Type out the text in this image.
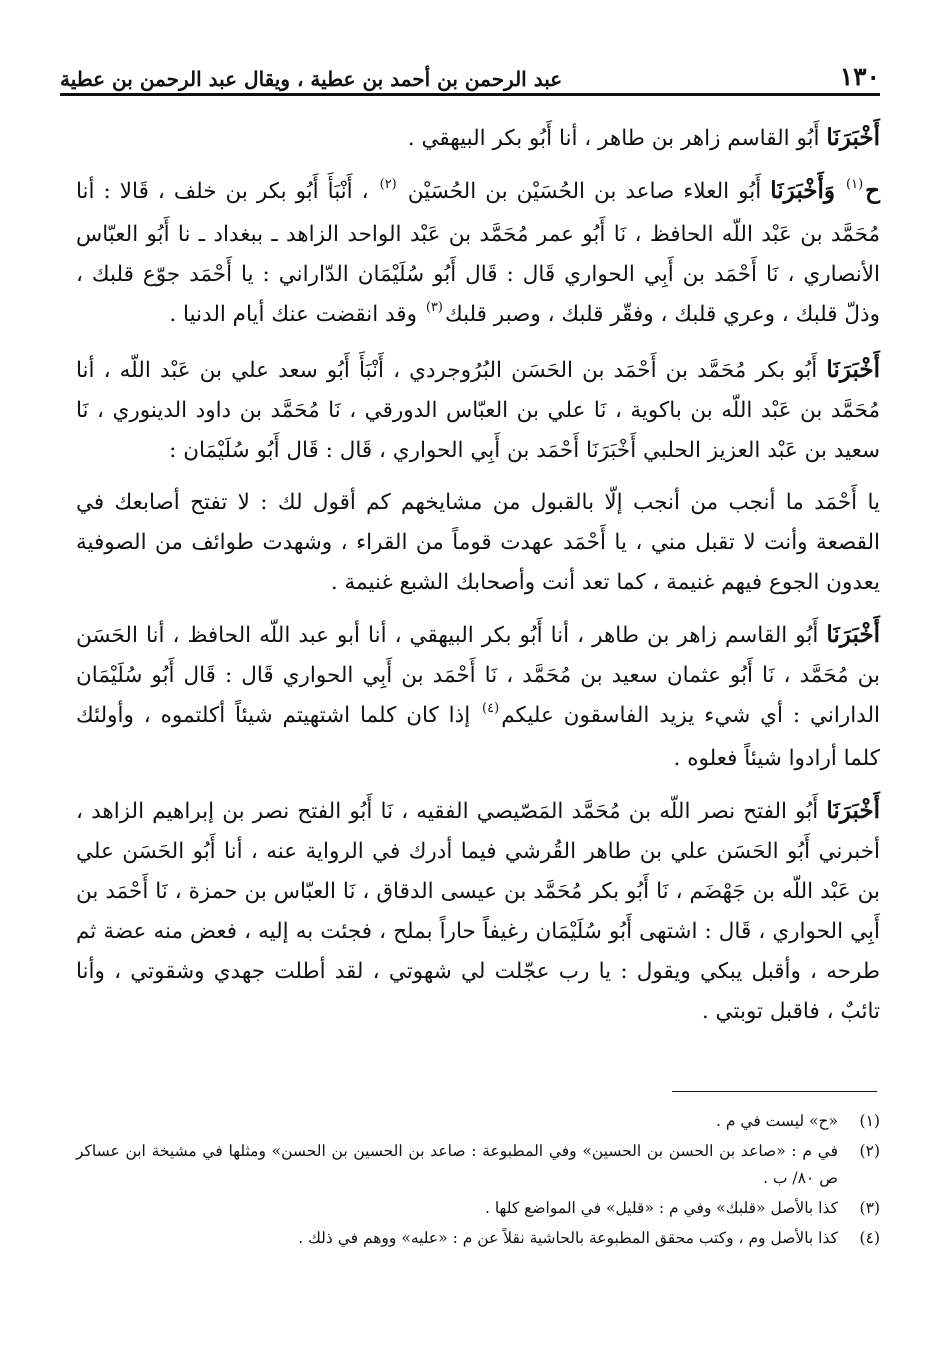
١٣٠
عبد الرحمن بن أحمد بن عطية ، ويقال عبد الرحمن بن عطية

أَخْبَرَنَا أَبُو القاسم زاهر بن طاهر ، أنا أَبُو بكر البيهقي .

ح$^{(١)}$ وَأَخْبَرَنَا أَبُو العلاء صاعد بن الحُسَيْن بن الحُسَيْن $^{(٢)}$ ، أَنْبَأَ أَبُو بكر بن خلف ، قَالا : أنا مُحَمَّد بن عَبْد اللّه الحافظ ، نَا أَبُو عمر مُحَمَّد بن عَبْد الواحد الزاهد ـ ببغداد ـ نا أَبُو العبّاس الأنصاري ، نَا أَحْمَد بن أَبِي الحواري قَال : قَال أَبُو سُلَيْمَان الدّاراني : يا أَحْمَد جوّع قلبك ، وذلّ قلبك ، وعري قلبك ، وفقّر قلبك ، وصبر قلبك$^{(٣)}$ وقد انقضت عنك أيام الدنيا .

أَخْبَرَنَا أَبُو بكر مُحَمَّد بن أَحْمَد بن الحَسَن البُرُوجردي ، أَنْبَأَ أَبُو سعد علي بن عَبْد اللّه ، أنا مُحَمَّد بن عَبْد اللّه بن باكوية ، نَا علي بن العبّاس الدورقي ، نَا مُحَمَّد بن داود الدينوري ، نَا سعيد بن عَبْد العزيز الحلبي أَخْبَرَنَا أَحْمَد بن أَبِي الحواري ، قَال : قَال أَبُو سُلَيْمَان :

يا أَحْمَد ما أنجب من أنجب إلّا بالقبول من مشايخهم كم أقول لك : لا تفتح أصابعك في القصعة وأنت لا تقبل مني ، يا أَحْمَد عهدت قوماً من القراء ، وشهدت طوائف من الصوفية يعدون الجوع فيهم غنيمة ، كما تعد أنت وأصحابك الشبع غنيمة .

أَخْبَرَنَا أَبُو القاسم زاهر بن طاهر ، أنا أَبُو بكر البيهقي ، أنا أبو عبد اللّه الحافظ ، أنا الحَسَن بن مُحَمَّد ، نَا أَبُو عثمان سعيد بن مُحَمَّد ، نَا أَحْمَد بن أَبِي الحواري قَال : قَال أَبُو سُلَيْمَان الداراني : أي شيء يزيد الفاسقون عليكم$^{(٤)}$ إذا كان كلما اشتهيتم شيئاً أكلتموه ، وأولئك كلما أرادوا شيئاً فعلوه .

أَخْبَرَنَا أَبُو الفتح نصر اللّه بن مُحَمَّد المَصّيصي الفقيه ، نَا أَبُو الفتح نصر بن إبراهيم الزاهد ، أخبرني أَبُو الحَسَن علي بن طاهر القُرشي فيما أدرك في الرواية عنه ، أنا أَبُو الحَسَن علي بن عَبْد اللّه بن جَهْضَم ، نَا أَبُو بكر مُحَمَّد بن عيسى الدقاق ، نَا العبّاس بن حمزة ، نَا أَحْمَد بن أَبِي الحواري ، قَال : اشتهى أَبُو سُلَيْمَان رغيفاً حاراً بملح ، فجئت به إليه ، فعض منه عضة ثم طرحه ، وأقبل يبكي ويقول : يا رب عجّلت لي شهوتي ، لقد أطلت جهدي وشقوتي ، وأنا تائبٌ ، فاقبل توبتي .

(١)
«ح» ليست في م .
(٢)
في م : «صاعد بن الحسن بن الحسين» وفي المطبوعة : صاعد بن الحسين بن الحسن» ومثلها في مشيخة ابن عساكر ص ٨٠/ ب .
(٣)
كذا بالأصل «قلبك» وفي م : «قليل» في المواضع كلها .
(٤)
كذا بالأصل وم ، وكتب محقق المطبوعة بالحاشية نقلاً عن م : «عليه» ووهم في ذلك .
